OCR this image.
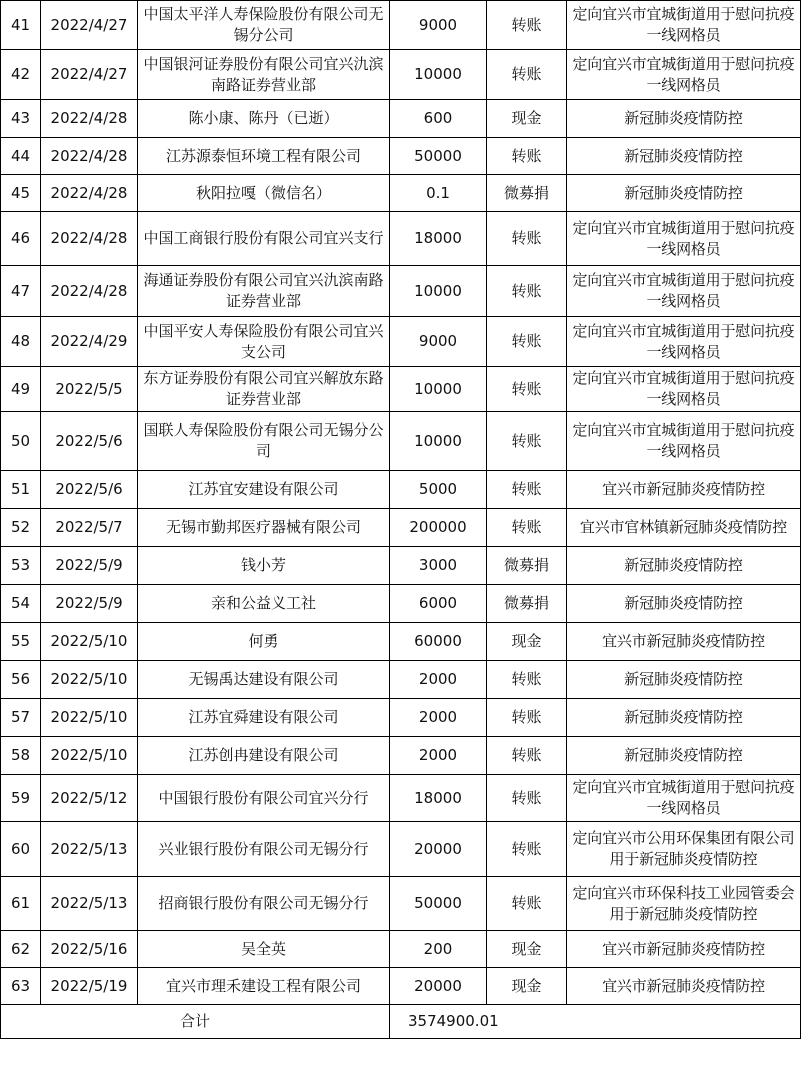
41	2022/4/27	中国太平洋人寿保险股份有限公司无锡分公司	9000	转账	定向宜兴市宜城街道用于慰问抗疫一线网格员
42	2022/4/27	中国银河证券股份有限公司宜兴氿滨南路证券营业部	10000	转账	定向宜兴市宜城街道用于慰问抗疫一线网格员
43	2022/4/28	陈小康、陈丹（已逝）	600	现金	新冠肺炎疫情防控
44	2022/4/28	江苏源泰恒环境工程有限公司	50000	转账	新冠肺炎疫情防控
45	2022/4/28	秋阳拉嘎（微信名）	0.1	微募捐	新冠肺炎疫情防控
46	2022/4/28	中国工商银行股份有限公司宜兴支行	18000	转账	定向宜兴市宜城街道用于慰问抗疫一线网格员
47	2022/4/28	海通证券股份有限公司宜兴氿滨南路证券营业部	10000	转账	定向宜兴市宜城街道用于慰问抗疫一线网格员
48	2022/4/29	中国平安人寿保险股份有限公司宜兴支公司	9000	转账	定向宜兴市宜城街道用于慰问抗疫一线网格员
49	2022/5/5	东方证券股份有限公司宜兴解放东路证券营业部	10000	转账	定向宜兴市宜城街道用于慰问抗疫一线网格员
50	2022/5/6	国联人寿保险股份有限公司无锡分公司	10000	转账	定向宜兴市宜城街道用于慰问抗疫一线网格员
51	2022/5/6	江苏宜安建设有限公司	5000	转账	宜兴市新冠肺炎疫情防控
52	2022/5/7	无锡市勤邦医疗器械有限公司	200000	转账	宜兴市官林镇新冠肺炎疫情防控
53	2022/5/9	钱小芳	3000	微募捐	新冠肺炎疫情防控
54	2022/5/9	亲和公益义工社	6000	微募捐	新冠肺炎疫情防控
55	2022/5/10	何勇	60000	现金	宜兴市新冠肺炎疫情防控
56	2022/5/10	无锡禹达建设有限公司	2000	转账	新冠肺炎疫情防控
57	2022/5/10	江苏宜舜建设有限公司	2000	转账	新冠肺炎疫情防控
58	2022/5/10	江苏创冉建设有限公司	2000	转账	新冠肺炎疫情防控
59	2022/5/12	中国银行股份有限公司宜兴分行	18000	转账	定向宜兴市宜城街道用于慰问抗疫一线网格员
60	2022/5/13	兴业银行股份有限公司无锡分行	20000	转账	定向宜兴市公用环保集团有限公司用于新冠肺炎疫情防控
61	2022/5/13	招商银行股份有限公司无锡分行	50000	转账	定向宜兴市环保科技工业园管委会用于新冠肺炎疫情防控
62	2022/5/16	吴全英	200	现金	宜兴市新冠肺炎疫情防控
63	2022/5/19	宜兴市理禾建设工程有限公司	20000	现金	宜兴市新冠肺炎疫情防控
合计			3574900.01		
